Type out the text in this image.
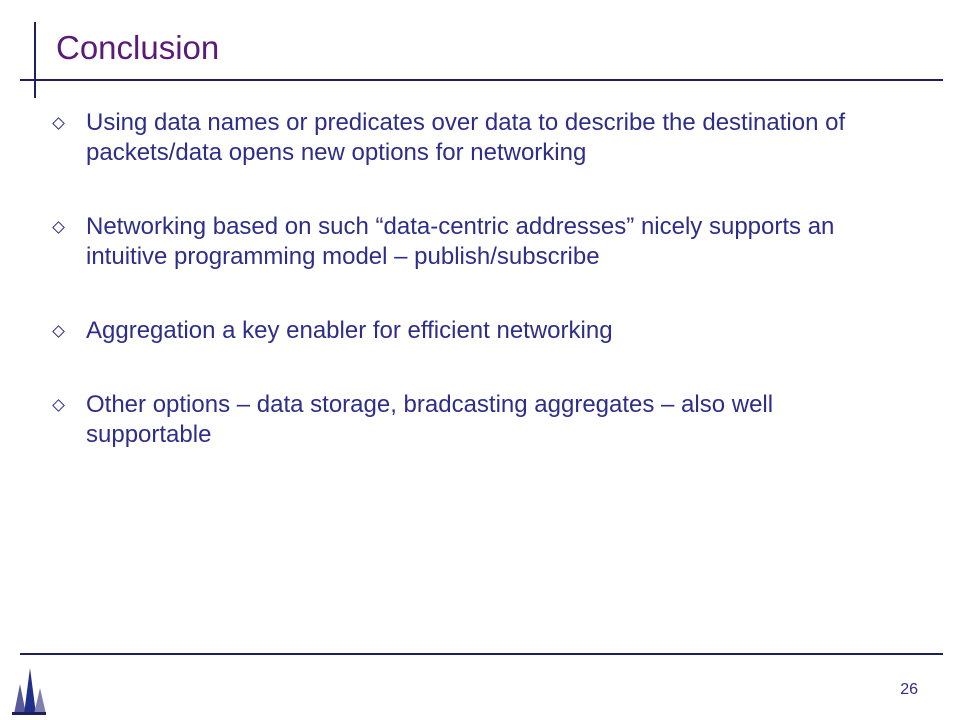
Conclusion
Using data names or predicates over data to describe the destination of packets/data opens new options for networking
Networking based on such “data-centric addresses” nicely supports an intuitive programming model – publish/subscribe
Aggregation a key enabler for efficient networking
Other options – data storage, bradcasting aggregates – also well supportable
26
